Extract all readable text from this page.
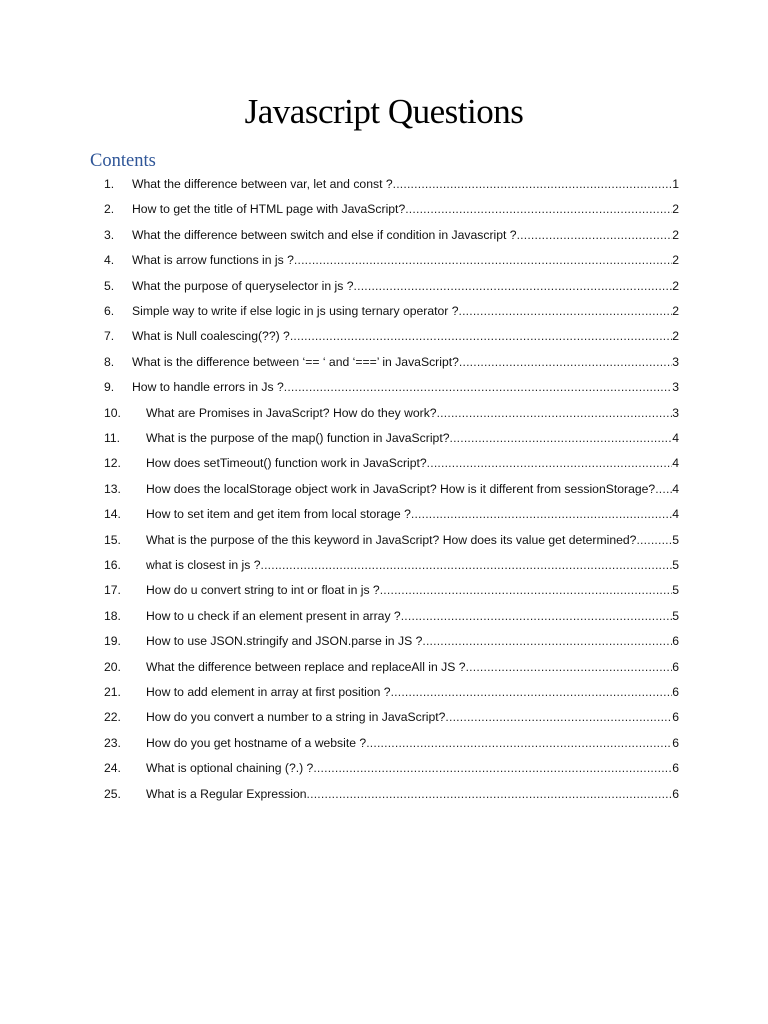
Javascript Questions
Contents
1. What the difference between var, let and const ? .....	1
2. How to get the title of HTML page with JavaScript? .....	2
3. What the difference between switch and else if condition in Javascript ? .....	2
4. What is arrow functions in js ? .....	2
5. What the purpose of queryselector in js ? .....	2
6. Simple way to write if else logic in js using ternary operator ? .....	2
7. What is Null coalescing(??) ? .....	2
8. What is the difference between ‘== ‘ and ‘===’ in JavaScript? .....	3
9. How to handle errors in Js ? .....	3
10. What are Promises in JavaScript? How do they work? .....	3
11. What is the purpose of the map() function in JavaScript? .....	4
12. How does setTimeout() function work in JavaScript? .....	4
13. How does the localStorage object work in JavaScript? How is it different from sessionStorage? ..... 4
14. How to set item and get item from local storage ? .....	4
15. What is the purpose of the this keyword in JavaScript? How does its value get determined? .....	5
16. what is closest in js ? .....	5
17. How do u convert string to int or float in js ? .....	5
18. How to u check if an element present in array ? .....	5
19. How to use JSON.stringify and JSON.parse in JS ? .....	6
20. What the difference between replace and replaceAll in JS ? .....	6
21. How to add element in array at first position ? .....	6
22. How do you convert a number to a string in JavaScript? .....	6
23. How do you get hostname of a website ? .....	6
24. What is optional chaining (?.) ? .....	6
25. What is a Regular Expression .....	6
